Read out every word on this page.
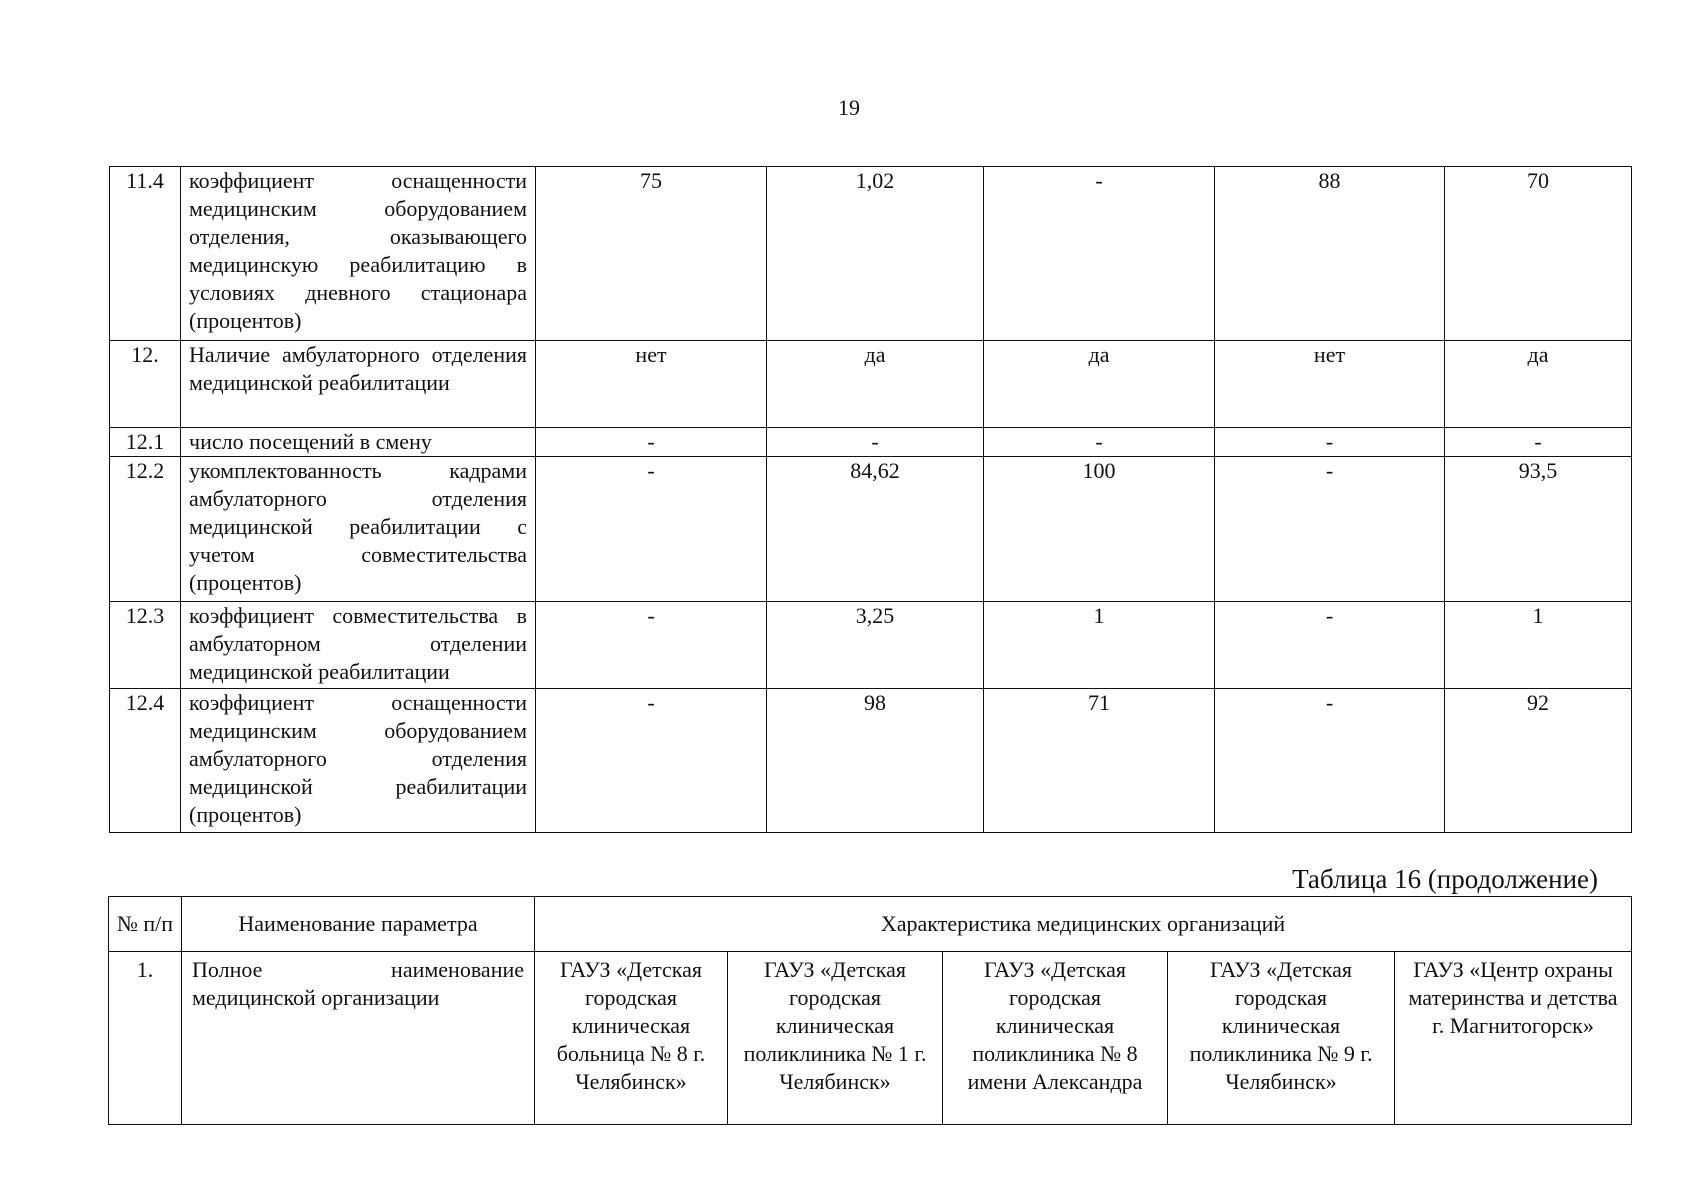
19
11.4	коэффициент оснащенности медицинским оборудованием отделения, оказывающего медицинскую реабилитацию в условиях дневного стационара (процентов)	75	1,02	-	88	70
12.	Наличие амбулаторного отделения медицинской реабилитации	нет	да	да	нет	да
12.1	число посещений в смену	-	-	-	-	-
12.2	укомплектованность кадрами амбулаторного отделения медицинской реабилитации с учетом совместительства (процентов)	-	84,62	100	-	93,5
12.3	коэффициент совместительства в амбулаторном отделении медицинской реабилитации	-	3,25	1	-	1
12.4	коэффициент оснащенности медицинским оборудованием амбулаторного отделения медицинской реабилитации (процентов)	-	98	71	-	92
Таблица 16 (продолжение)
№ п/п	Наименование параметра	Характеристика медицинских организаций				
1.	Полное наименование медицинской организации	ГАУЗ «Детская городская клиническая больница № 8 г. Челябинск»	ГАУЗ «Детская городская клиническая поликлиника № 1 г. Челябинск»	ГАУЗ «Детская городская клиническая поликлиника № 8 имени Александра	ГАУЗ «Детская городская клиническая поликлиника № 9 г. Челябинск»	ГАУЗ «Центр охраны материнства и детства г. Магнитогорск»
